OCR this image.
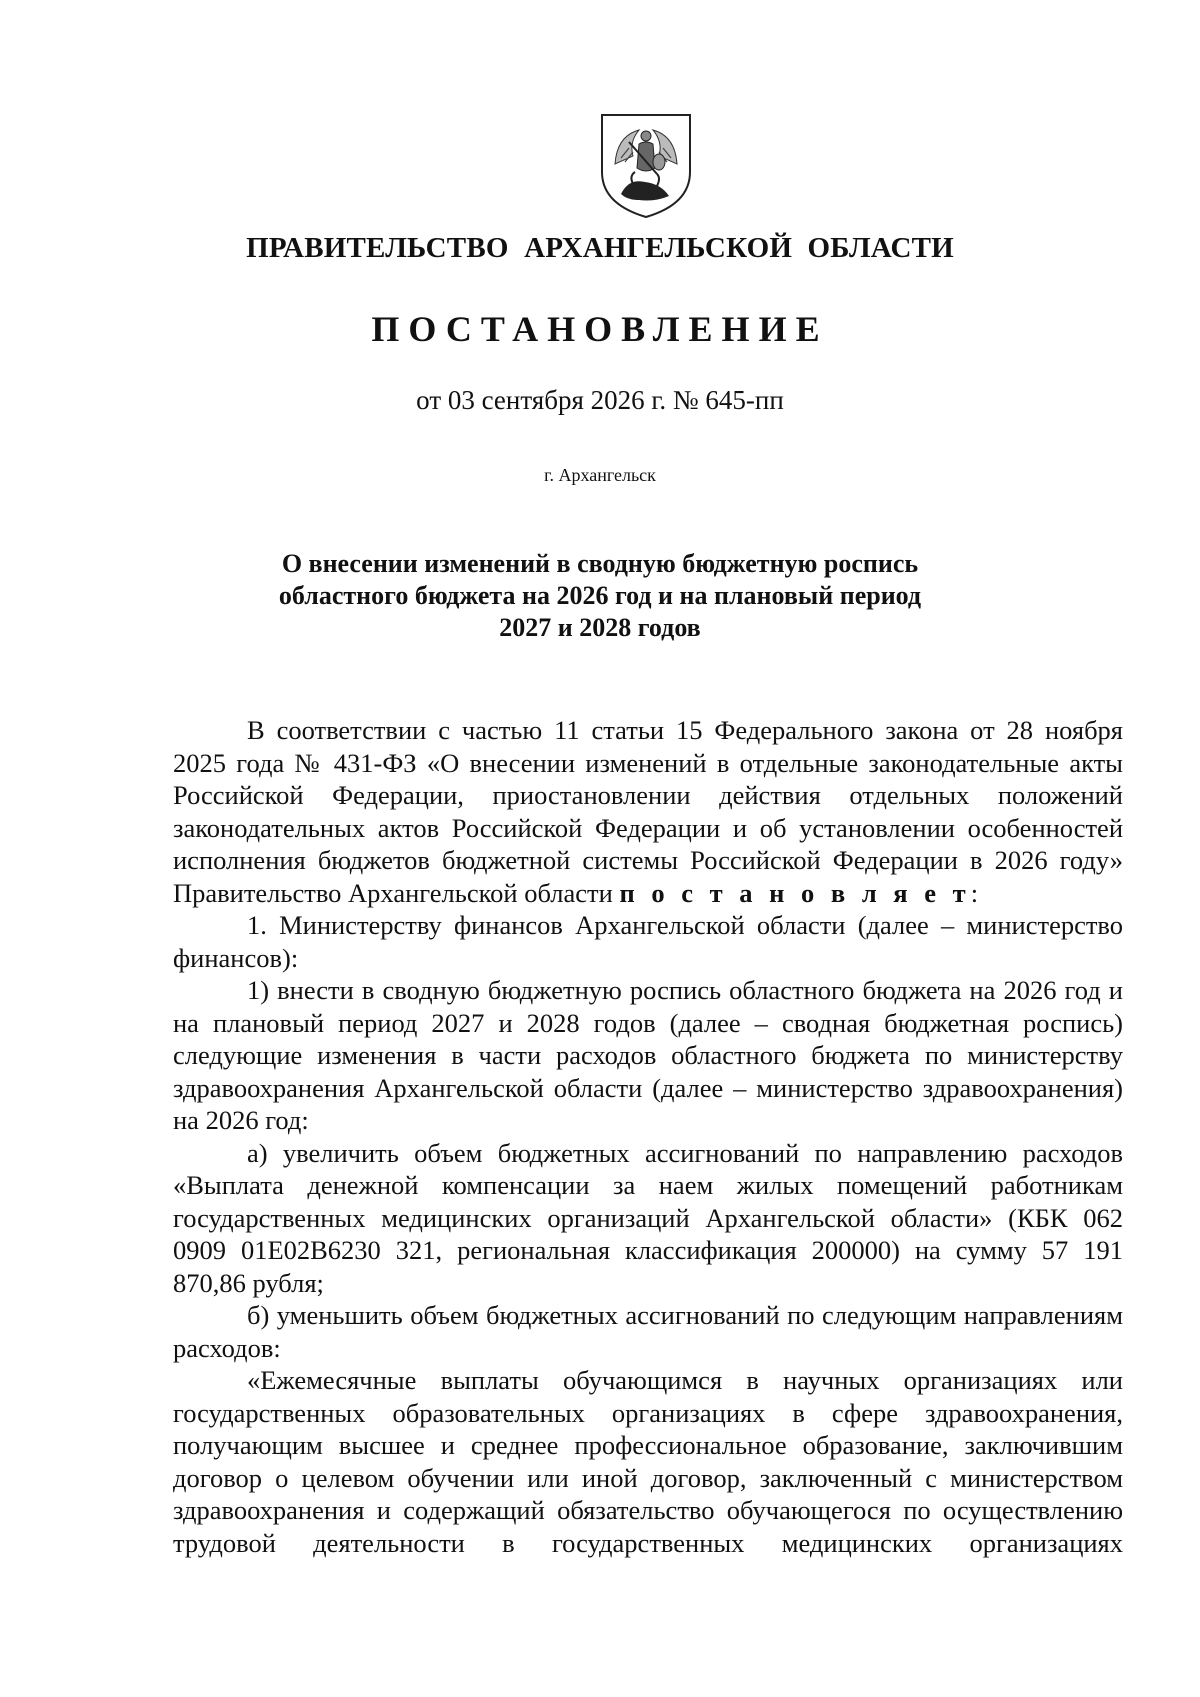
ПРАВИТЕЛЬСТВО АРХАНГЕЛЬСКОЙ ОБЛАСТИ
ПОСТАНОВЛЕНИЕ
от 03 сентября 2026 г. № 645-пп
г. Архангельск
О внесении изменений в сводную бюджетную роспись
областного бюджета на 2026 год и на плановый период
2027 и 2028 годов

В соответствии с частью 11 статьи 15 Федерального закона от 28 ноября 2025 года № 431-ФЗ «О внесении изменений в отдельные законодательные акты Российской Федерации, приостановлении действия отдельных положений законодательных актов Российской Федерации и об установлении особенностей исполнения бюджетов бюджетной системы Российской Федерации в 2026 году» Правительство Архангельской области п о с т а н о в л я е т:

1. Министерству финансов Архангельской области (далее – министерство финансов):

1) внести в сводную бюджетную роспись областного бюджета на 2026 год и на плановый период 2027 и 2028 годов (далее – сводная бюджетная роспись) следующие изменения в части расходов областного бюджета по министерству здравоохранения Архангельской области (далее – министерство здравоохранения) на 2026 год:

а) увеличить объем бюджетных ассигнований по направлению расходов «Выплата денежной компенсации за наем жилых помещений работникам государственных медицинских организаций Архангельской области» (КБК 062 0909 01Е02В6230 321, региональная классификация 200000) на сумму 57 191 870,86 рубля;

б) уменьшить объем бюджетных ассигнований по следующим направлениям расходов:

«Ежемесячные выплаты обучающимся в научных организациях или государственных образовательных организациях в сфере здравоохранения, получающим высшее и среднее профессиональное образование, заключившим договор о целевом обучении или иной договор, заключенный с министерством здравоохранения и содержащий обязательство обучающегося по осуществлению трудовой деятельности в государственных медицинских организациях
